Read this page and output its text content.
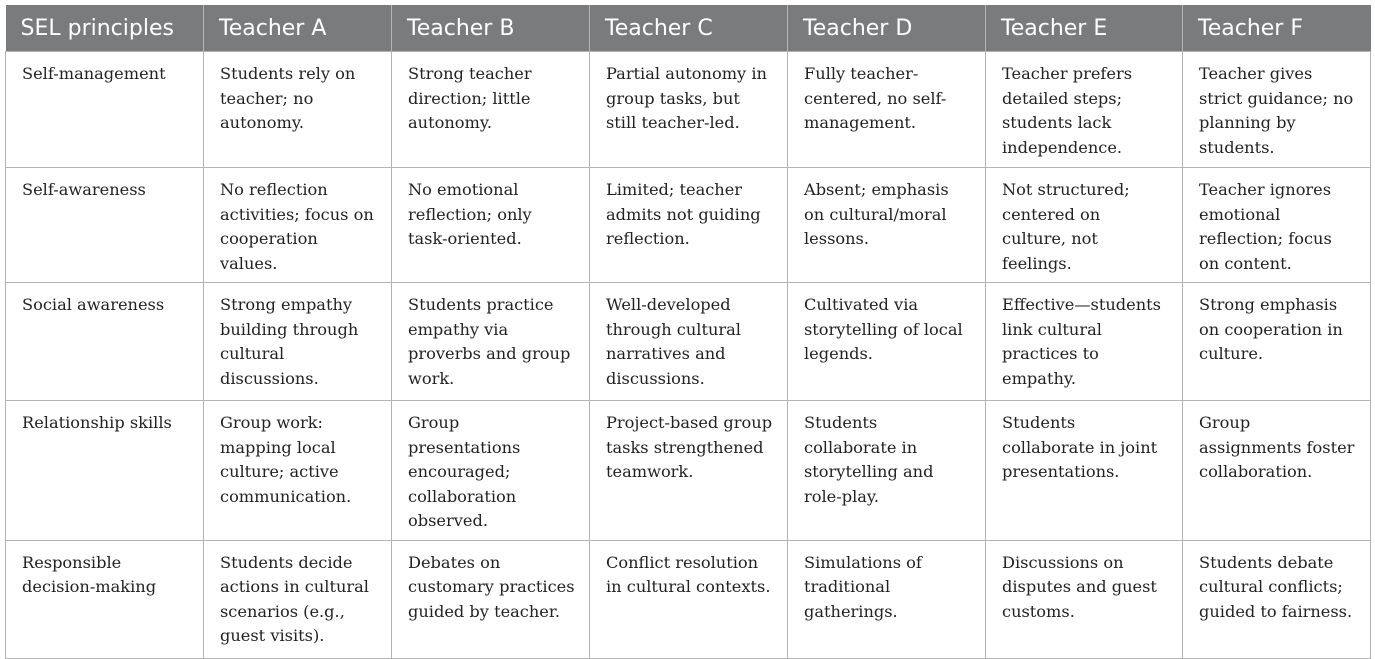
SEL principles	Teacher A	Teacher B	Teacher C	Teacher D	Teacher E	Teacher F
Self-management	Students rely on teacher; no autonomy.	Strong teacher direction; little autonomy.	Partial autonomy in group tasks, but still teacher-led.	Fully teacher-centered, no self-management.	Teacher prefers detailed steps; students lack independence.	Teacher gives strict guidance; no planning by students.
Self-awareness	No reflection activities; focus on cooperation values.	No emotional reflection; only task-oriented.	Limited; teacher admits not guiding reflection.	Absent; emphasis on cultural/moral lessons.	Not structured; centered on culture, not feelings.	Teacher ignores emotional reflection; focus on content.
Social awareness	Strong empathy building through cultural discussions.	Students practice empathy via proverbs and group work.	Well-developed through cultural narratives and discussions.	Cultivated via storytelling of local legends.	Effective—students link cultural practices to empathy.	Strong emphasis on cooperation in culture.
Relationship skills	Group work: mapping local culture; active communication.	Group presentations encouraged; collaboration observed.	Project-based group tasks strengthened teamwork.	Students collaborate in storytelling and role-play.	Students collaborate in joint presentations.	Group assignments foster collaboration.
Responsible decision-making	Students decide actions in cultural scenarios (e.g., guest visits).	Debates on customary practices guided by teacher.	Conflict resolution in cultural contexts.	Simulations of traditional gatherings.	Discussions on disputes and guest customs.	Students debate cultural conflicts; guided to fairness.
